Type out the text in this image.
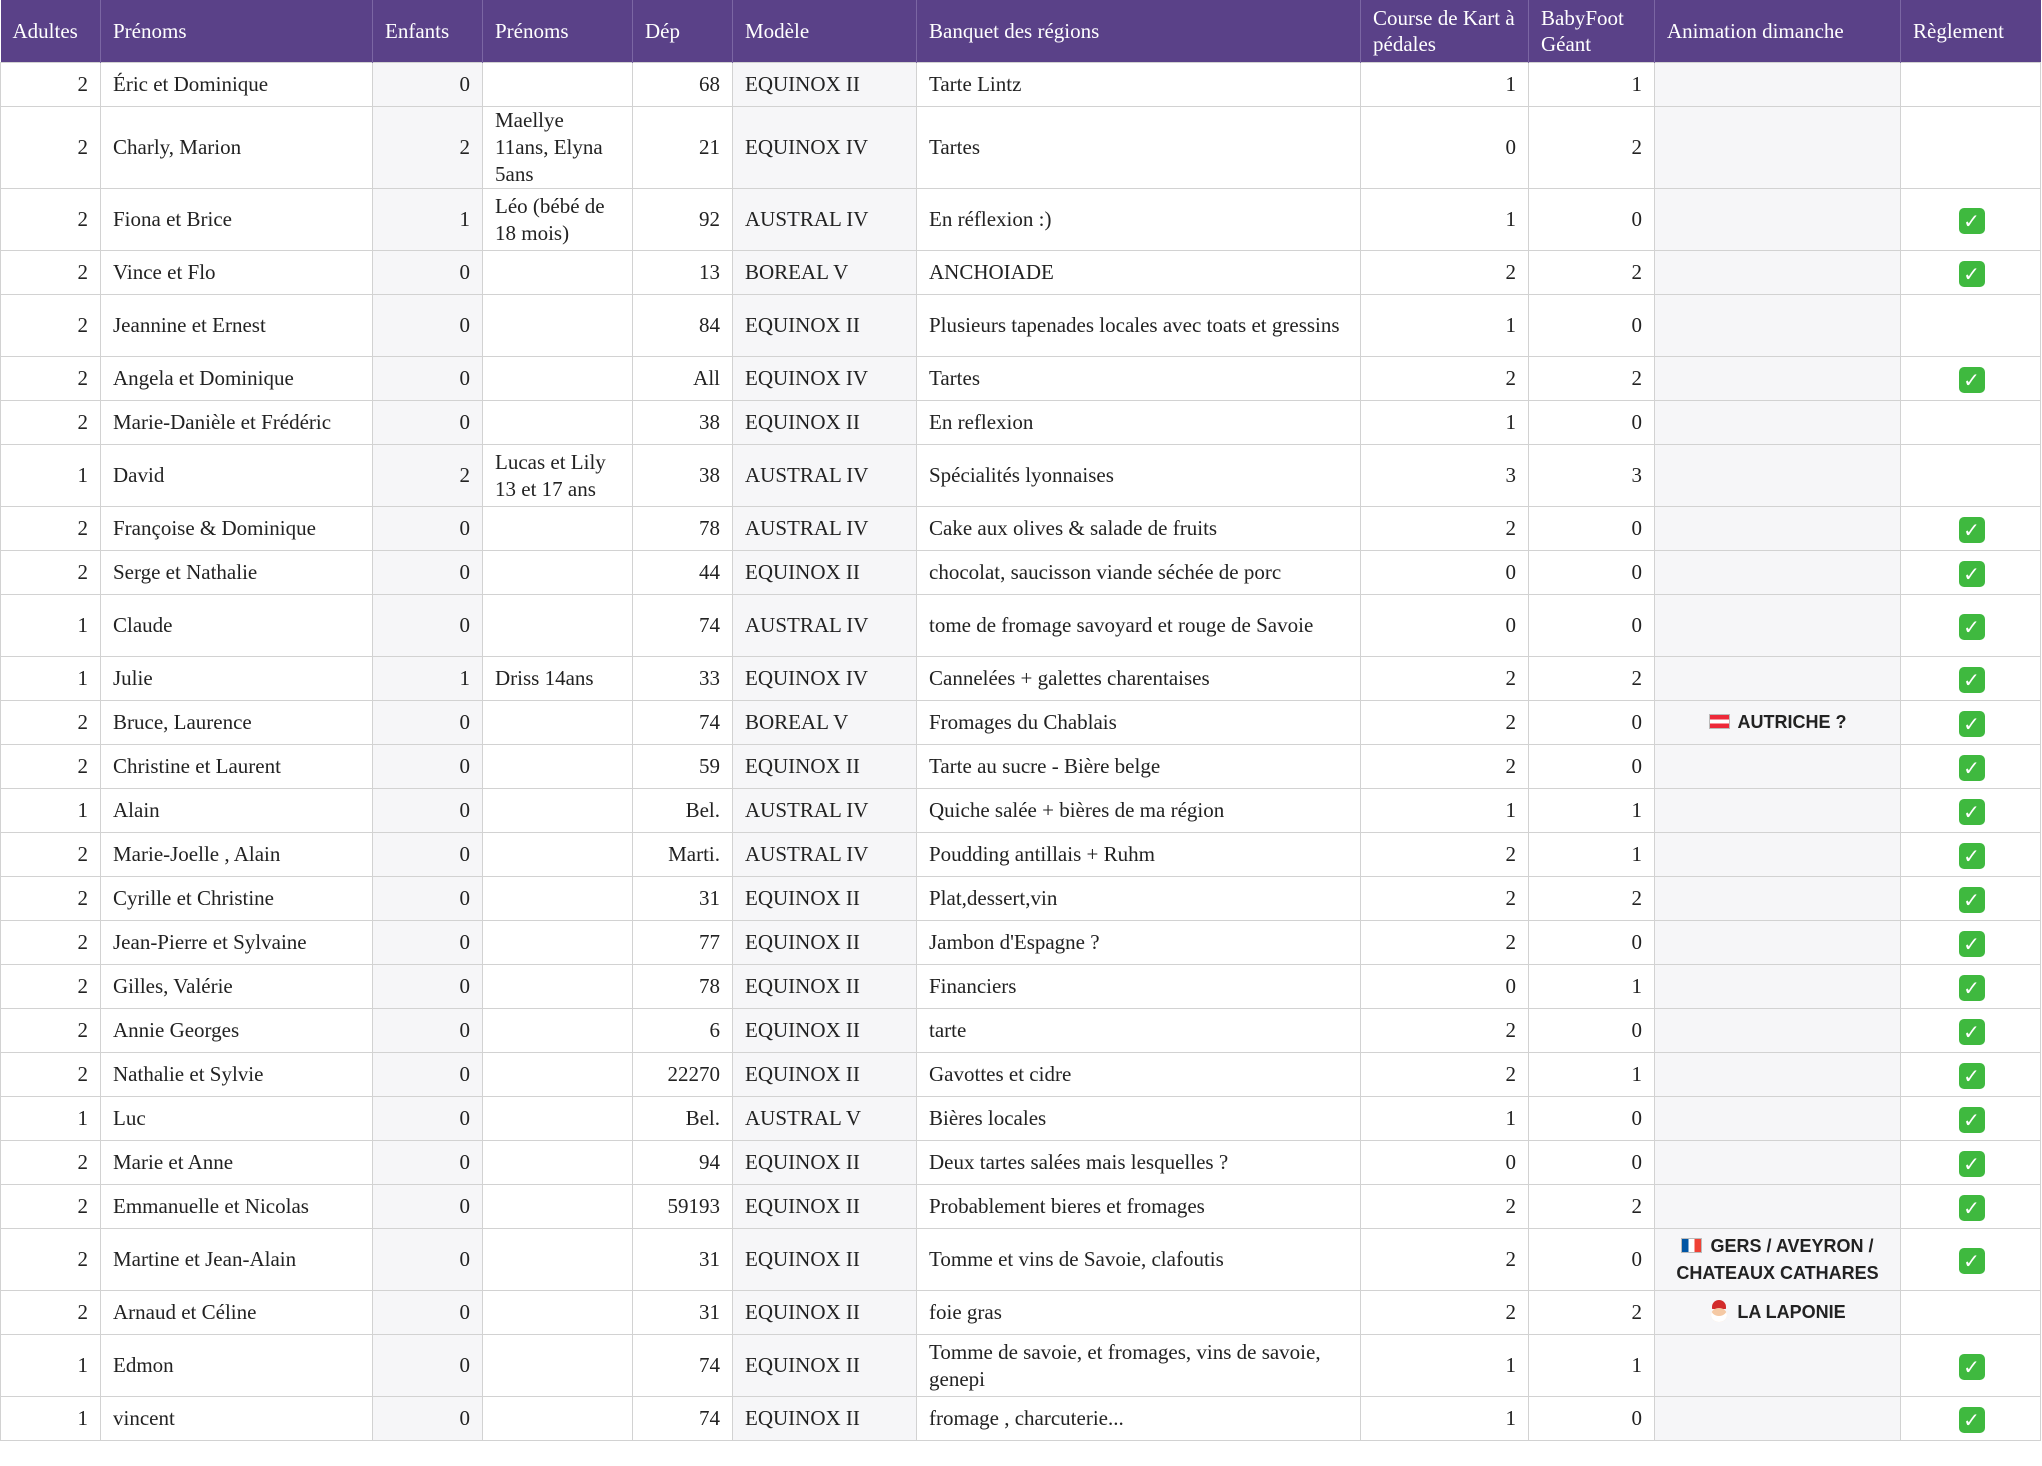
Adultes	Prénoms	Enfants	Prénoms	Dép	Modèle	Banquet des régions	Course de Kart à pédales	BabyFoot Géant	Animation dimanche	Règlement
2	Éric et Dominique	0		68	EQUINOX II	Tarte Lintz	1	1		
2	Charly, Marion	2	Maellye 11ans, Elyna 5ans	21	EQUINOX IV	Tartes	0	2		
2	Fiona et Brice	1	Léo (bébé de 18 mois)	92	AUSTRAL IV	En réflexion :)	1	0		✓
2	Vince et Flo	0		13	BOREAL V	ANCHOIADE	2	2		✓
2	Jeannine et Ernest	0		84	EQUINOX II	Plusieurs tapenades locales avec toats et gressins	1	0		
2	Angela et Dominique	0		All	EQUINOX IV	Tartes	2	2		✓
2	Marie-Danièle et Frédéric	0		38	EQUINOX II	En reflexion	1	0		
1	David	2	Lucas et Lily 13 et 17 ans	38	AUSTRAL IV	Spécialités lyonnaises	3	3		
2	Françoise & Dominique	0		78	AUSTRAL IV	Cake aux olives & salade de fruits	2	0		✓
2	Serge et Nathalie	0		44	EQUINOX II	chocolat, saucisson viande séchée de porc	0	0		✓
1	Claude	0		74	AUSTRAL IV	tome de fromage savoyard et rouge de Savoie	0	0		✓
1	Julie	1	Driss 14ans	33	EQUINOX IV	Cannelées + galettes charentaises	2	2		✓
2	Bruce, Laurence	0		74	BOREAL V	Fromages du Chablais	2	0	AUTRICHE ?	✓
2	Christine et Laurent	0		59	EQUINOX II	Tarte au sucre - Bière belge	2	0		✓
1	Alain	0		Bel.	AUSTRAL IV	Quiche salée + bières de ma région	1	1		✓
2	Marie-Joelle , Alain	0		Marti.	AUSTRAL IV	Poudding antillais + Ruhm	2	1		✓
2	Cyrille et Christine	0		31	EQUINOX II	Plat,dessert,vin	2	2		✓
2	Jean-Pierre et Sylvaine	0		77	EQUINOX II	Jambon d'Espagne ?	2	0		✓
2	Gilles, Valérie	0		78	EQUINOX II	Financiers	0	1		✓
2	Annie Georges	0		6	EQUINOX II	tarte	2	0		✓
2	Nathalie et Sylvie	0		22270	EQUINOX II	Gavottes et cidre	2	1		✓
1	Luc	0		Bel.	AUSTRAL V	Bières locales	1	0		✓
2	Marie et Anne	0		94	EQUINOX II	Deux tartes salées mais lesquelles ?	0	0		✓
2	Emmanuelle et Nicolas	0		59193	EQUINOX II	Probablement bieres et fromages	2	2		✓
2	Martine et Jean-Alain	0		31	EQUINOX II	Tomme et vins de Savoie, clafoutis	2	0	GERS / AVEYRON / CHATEAUX CATHARES	✓
2	Arnaud et Céline	0		31	EQUINOX II	foie gras	2	2	LA LAPONIE	
1	Edmon	0		74	EQUINOX II	Tomme de savoie, et fromages, vins de savoie, genepi	1	1		✓
1	vincent	0		74	EQUINOX II	fromage , charcuterie...	1	0		✓
